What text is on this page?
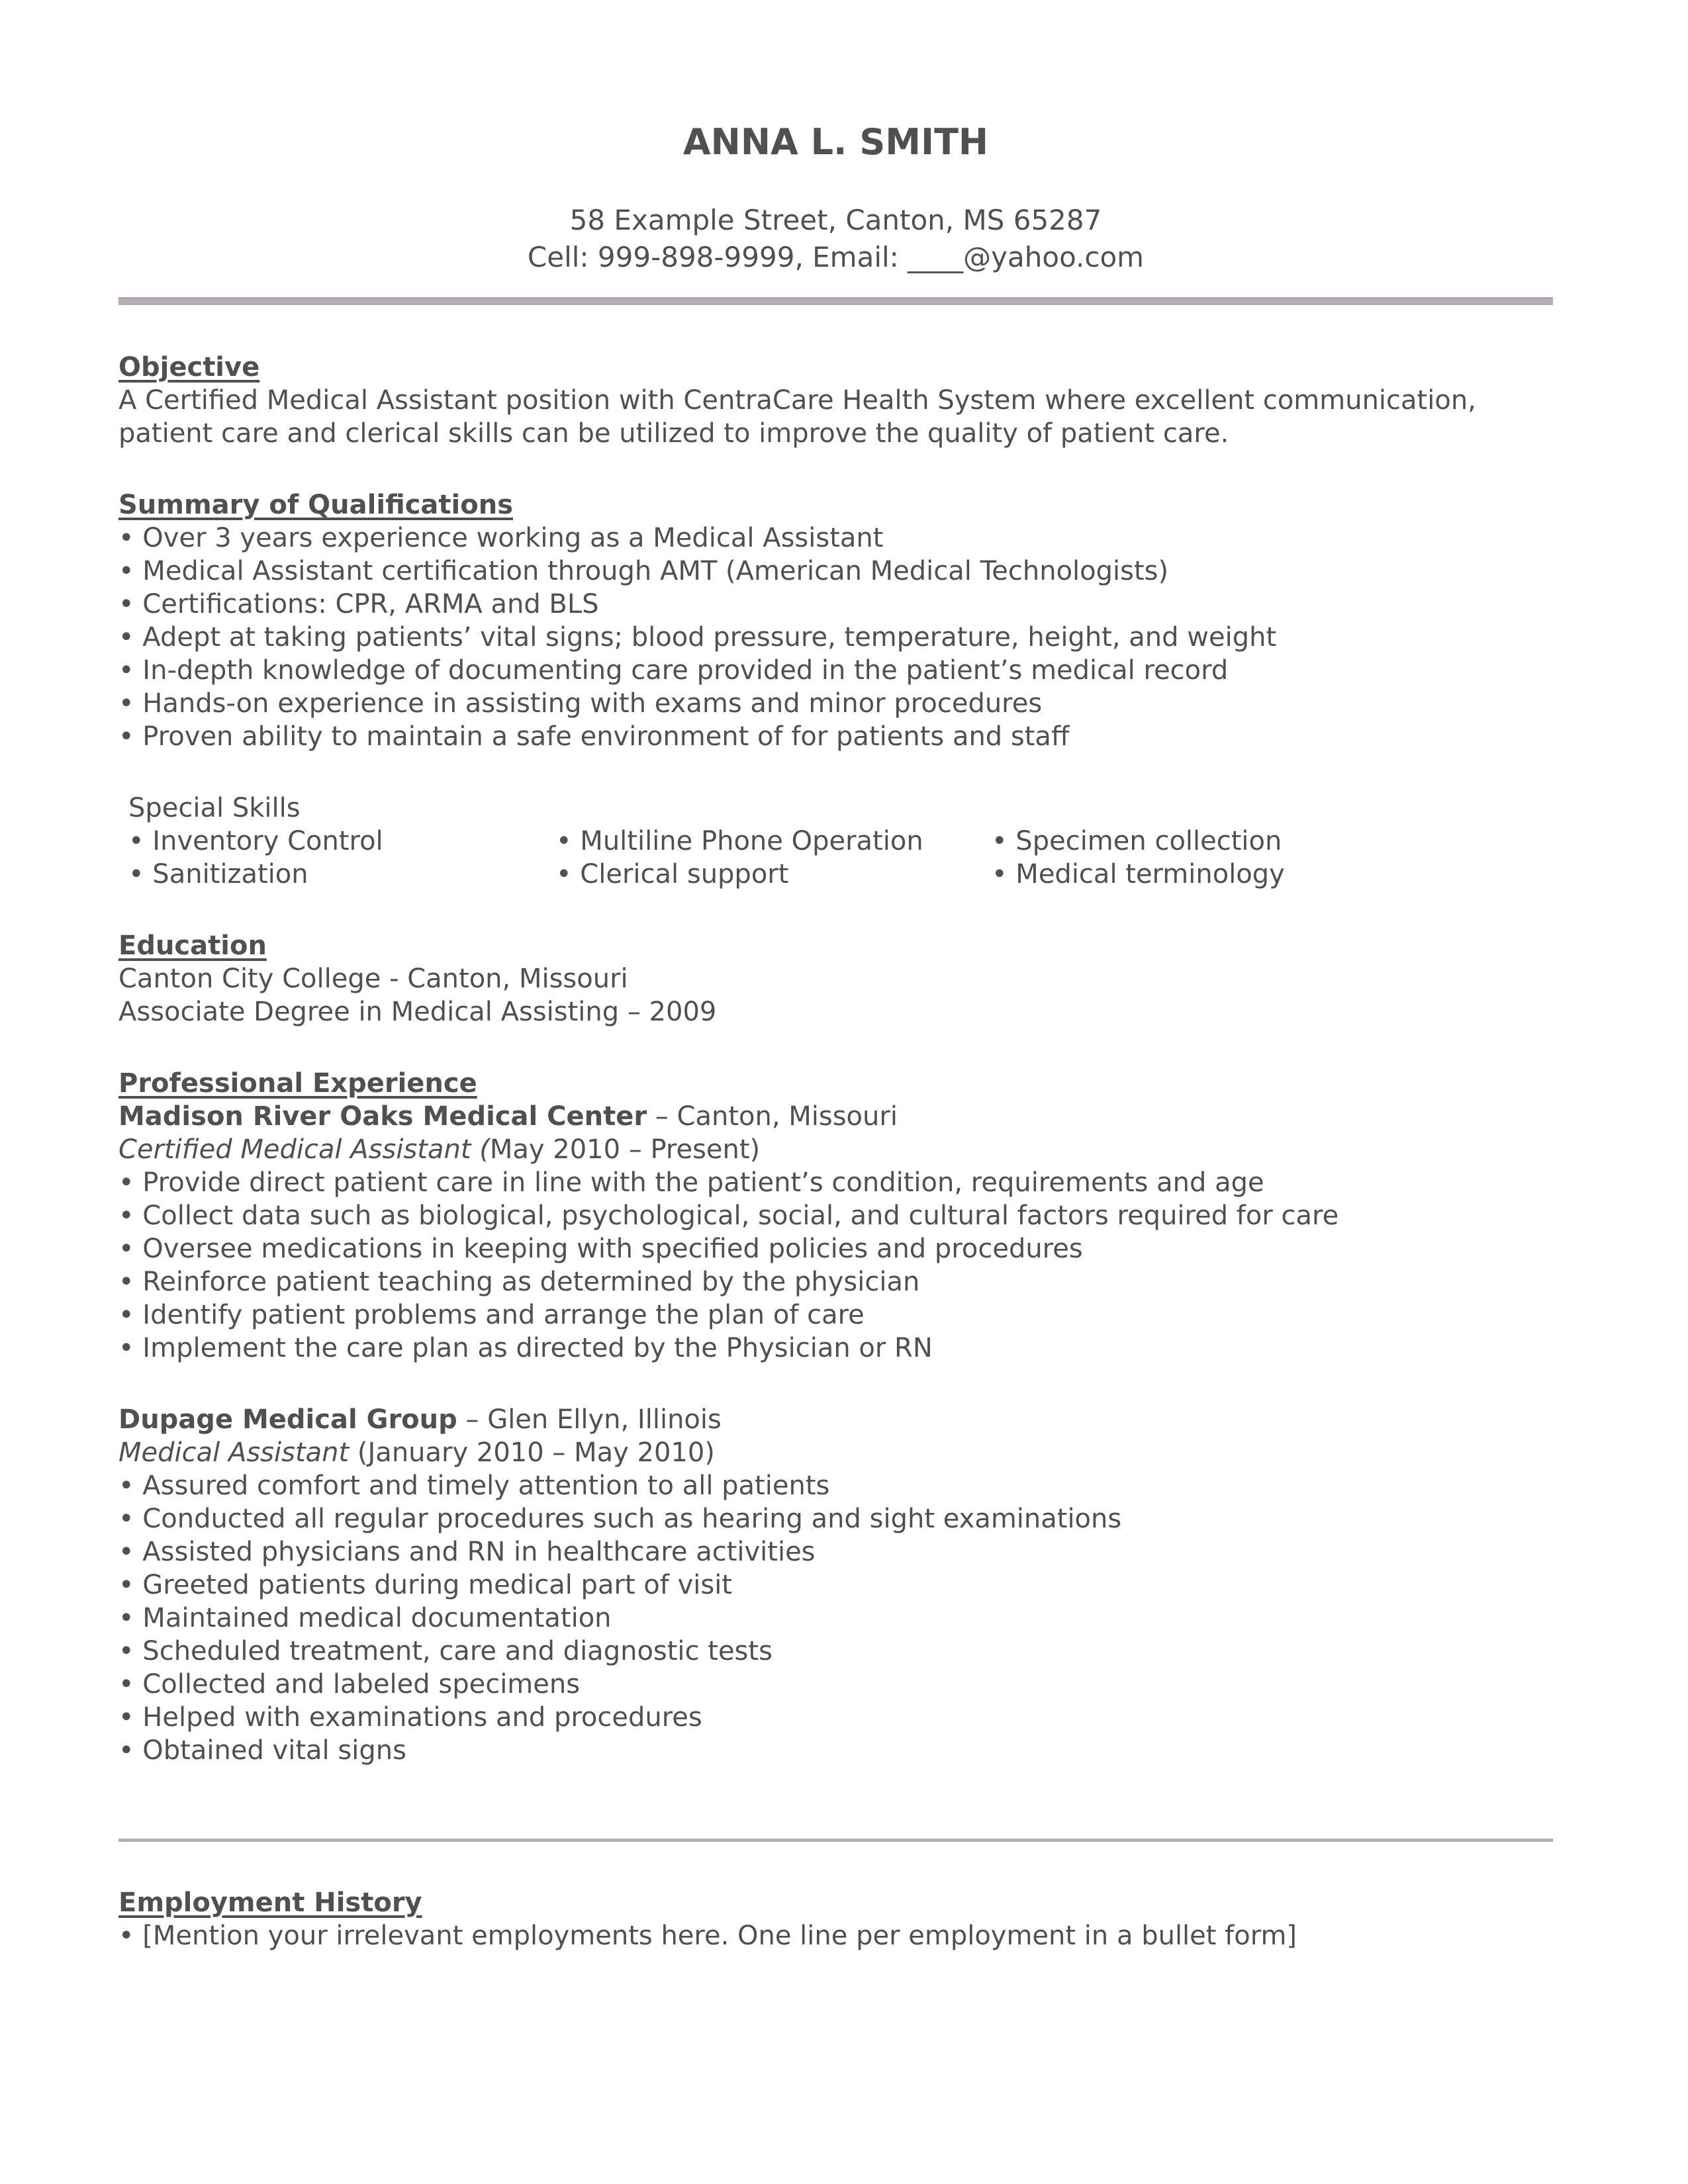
ANNA L. SMITH
58 Example Street, Canton, MS 65287
Cell: 999-898-9999, Email: ____@yahoo.com
Objective
A Certified Medical Assistant position with CentraCare Health System where excellent communication,
patient care and clerical skills can be utilized to improve the quality of patient care.
Summary of Qualifications
• Over 3 years experience working as a Medical Assistant
• Medical Assistant certification through AMT (American Medical Technologists)
• Certifications: CPR, ARMA and BLS
• Adept at taking patients’ vital signs; blood pressure, temperature, height, and weight
• In-depth knowledge of documenting care provided in the patient’s medical record
• Hands-on experience in assisting with exams and minor procedures
• Proven ability to maintain a safe environment of for patients and staff
Special Skills
• Inventory Control	• Multiline Phone Operation	• Specimen collection
• Sanitization	• Clerical support	• Medical terminology
Education
Canton City College - Canton, Missouri
Associate Degree in Medical Assisting – 2009
Professional Experience
Madison River Oaks Medical Center – Canton, Missouri
Certified Medical Assistant (May 2010 – Present)
• Provide direct patient care in line with the patient’s condition, requirements and age
• Collect data such as biological, psychological, social, and cultural factors required for care
• Oversee medications in keeping with specified policies and procedures
• Reinforce patient teaching as determined by the physician
• Identify patient problems and arrange the plan of care
• Implement the care plan as directed by the Physician or RN
Dupage Medical Group – Glen Ellyn, Illinois
Medical Assistant (January 2010 – May 2010)
• Assured comfort and timely attention to all patients
• Conducted all regular procedures such as hearing and sight examinations
• Assisted physicians and RN in healthcare activities
• Greeted patients during medical part of visit
• Maintained medical documentation
• Scheduled treatment, care and diagnostic tests
• Collected and labeled specimens
• Helped with examinations and procedures
• Obtained vital signs
Employment History
• [Mention your irrelevant employments here. One line per employment in a bullet form]
